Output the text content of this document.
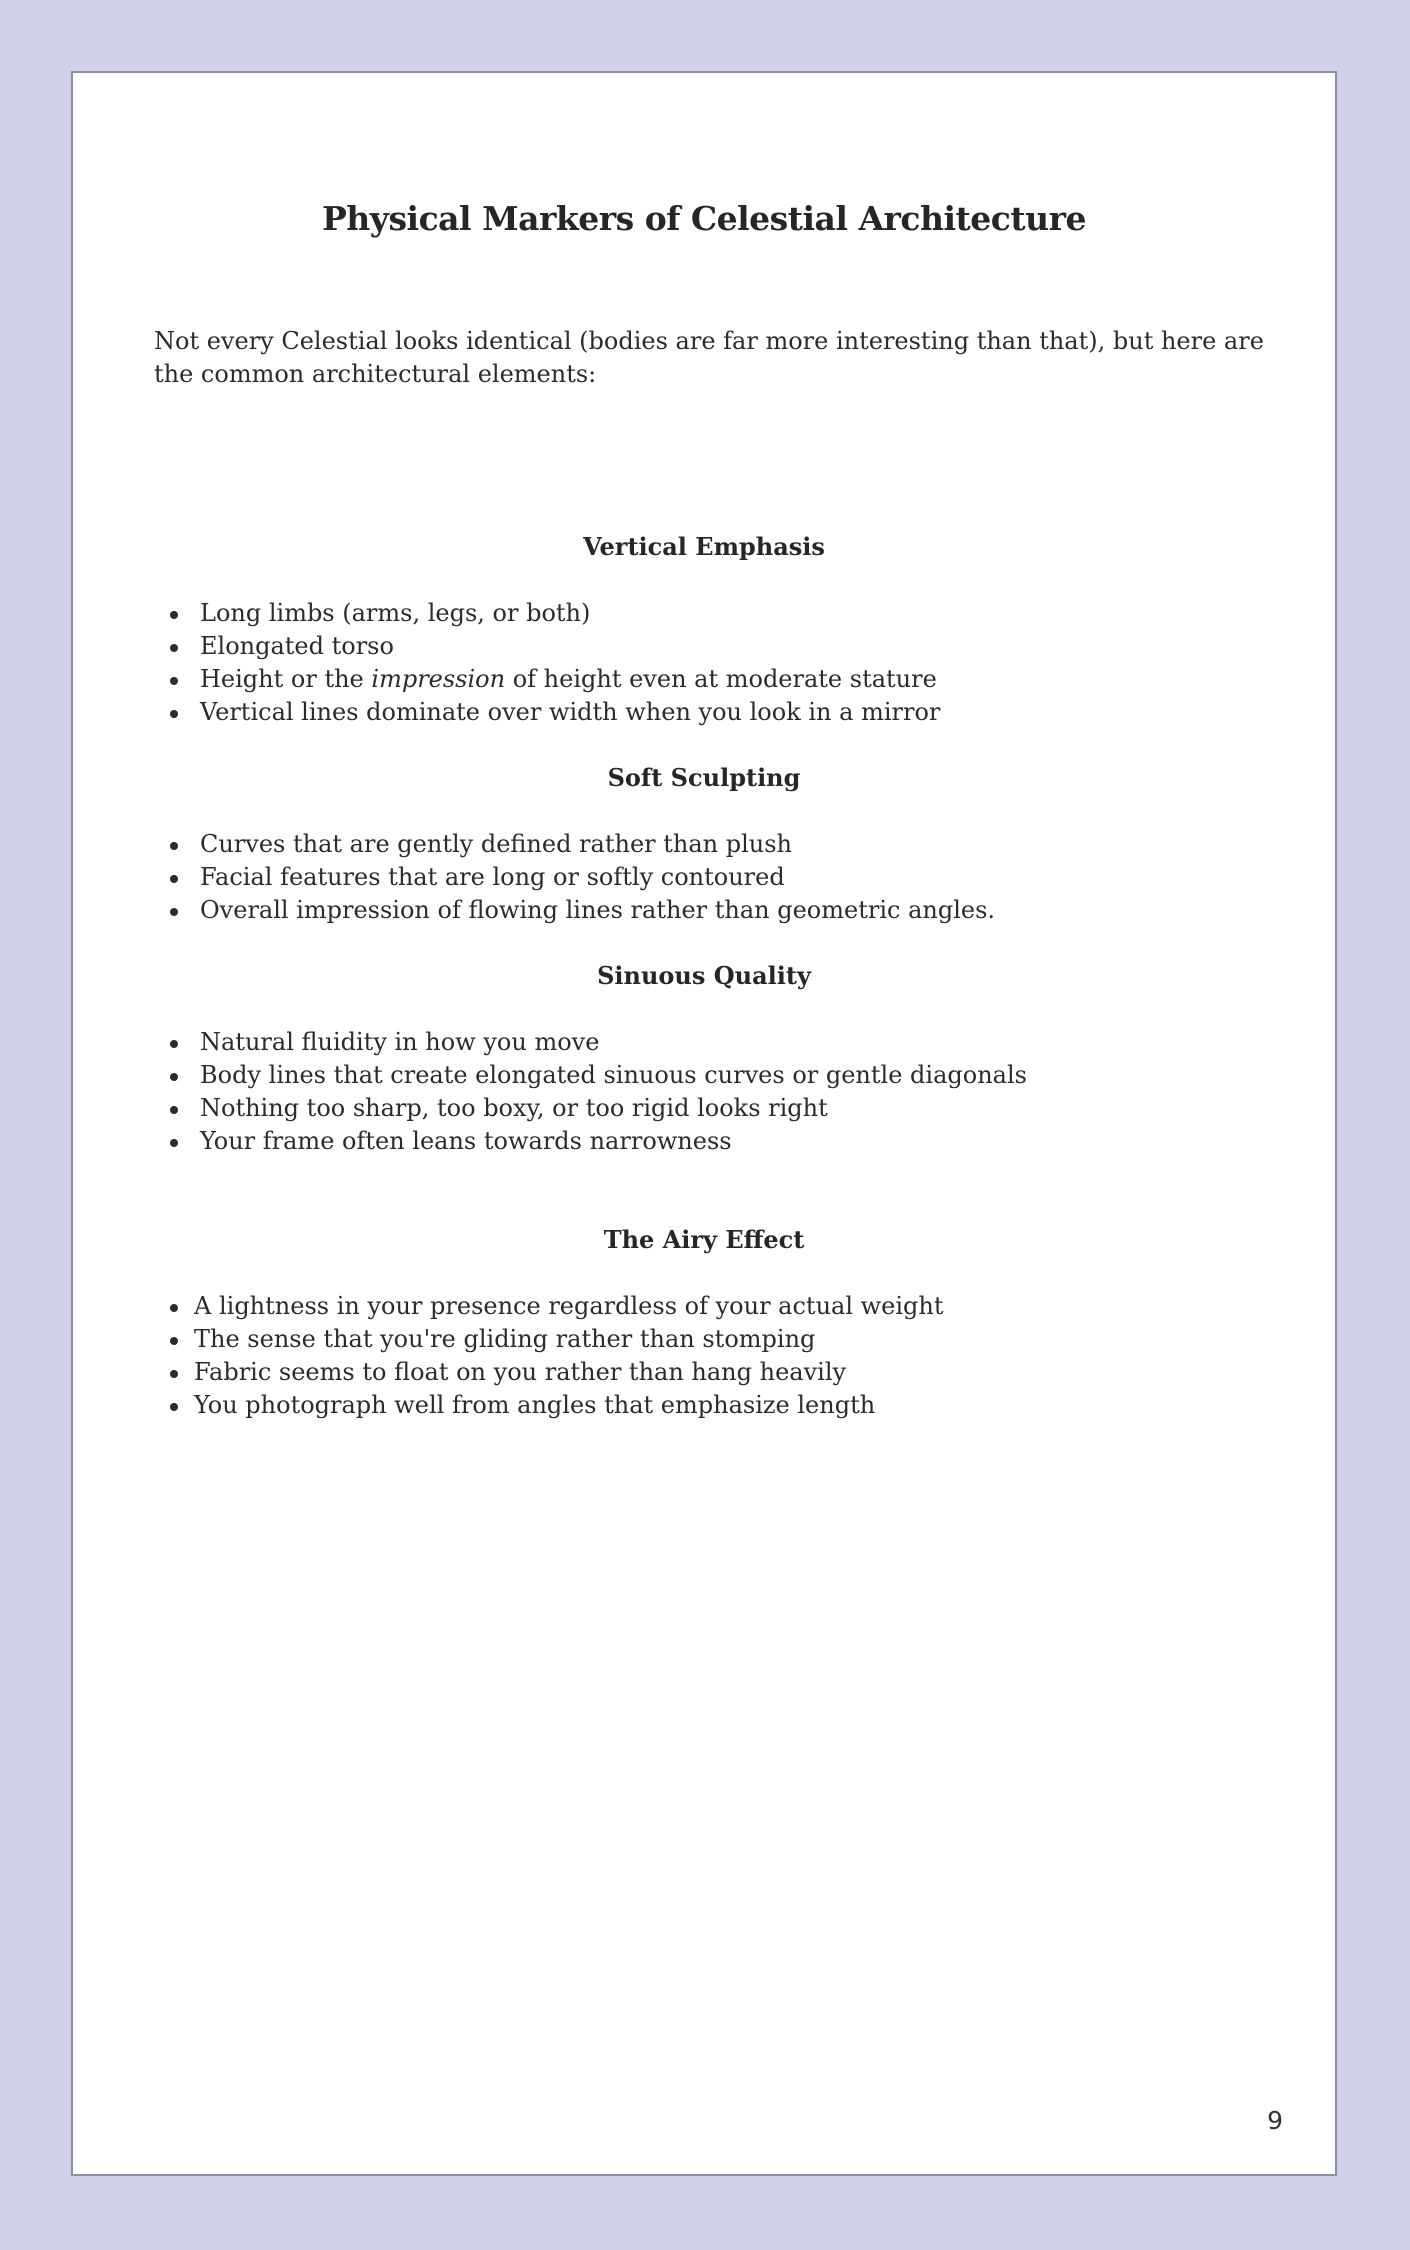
Physical Markers of Celestial Architecture

Not every Celestial looks identical (bodies are far more interesting than that), but here are the common architectural elements:

Vertical Emphasis
Long limbs (arms, legs, or both)
Elongated torso
Height or the impression of height even at moderate stature
Vertical lines dominate over width when you look in a mirror
Soft Sculpting
Curves that are gently defined rather than plush
Facial features that are long or softly contoured
Overall impression of flowing lines rather than geometric angles.
Sinuous Quality
Natural fluidity in how you move
Body lines that create elongated sinuous curves or gentle diagonals
Nothing too sharp, too boxy, or too rigid looks right
Your frame often leans towards narrowness
The Airy Effect
A lightness in your presence regardless of your actual weight
The sense that you're gliding rather than stomping
Fabric seems to float on you rather than hang heavily
You photograph well from angles that emphasize length
9
